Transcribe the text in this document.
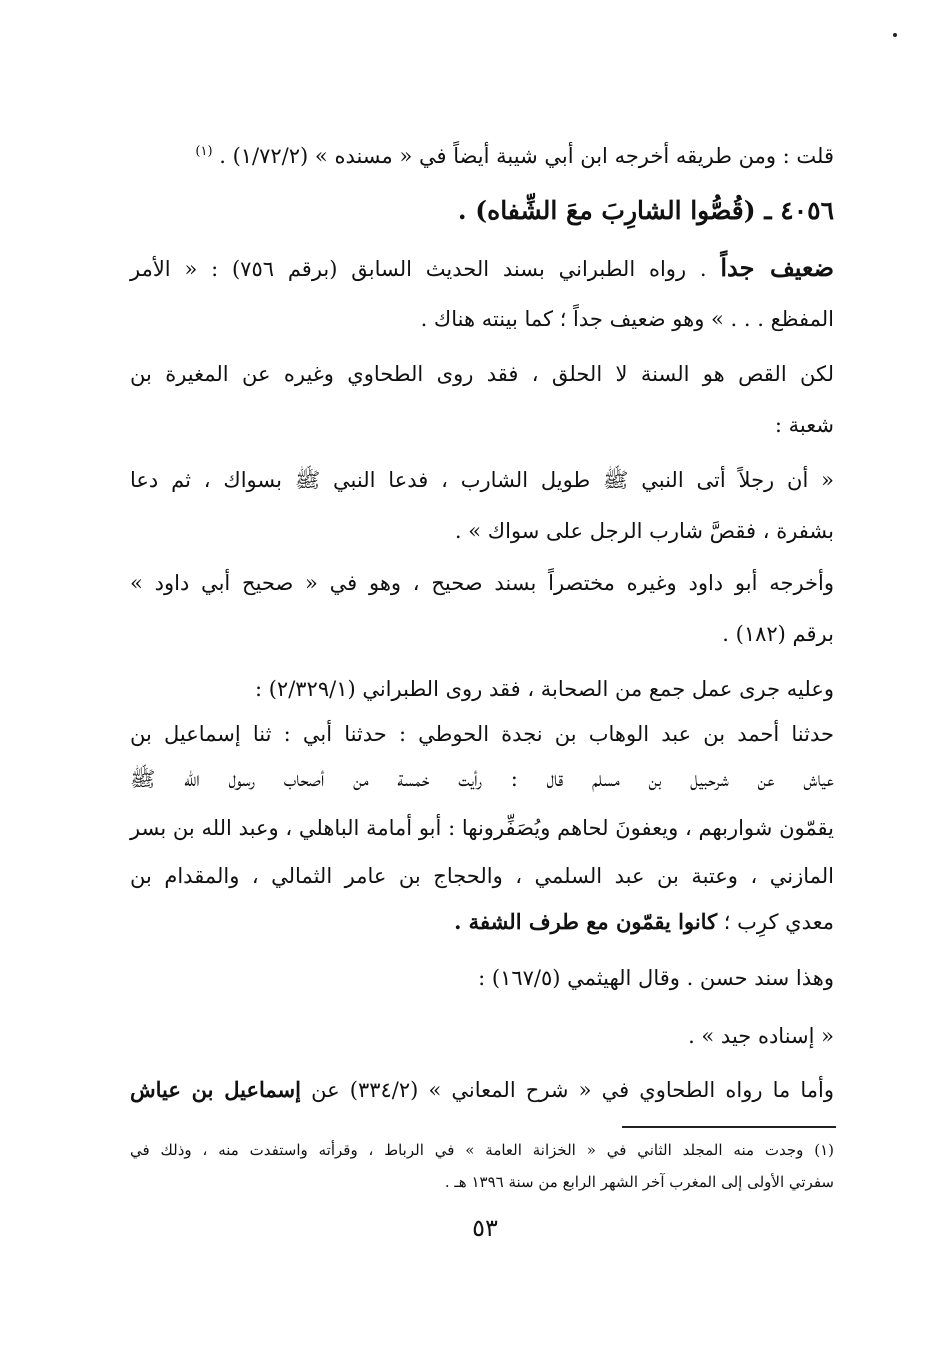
قلت : ومن طريقه أخرجه ابن أبي شيبة أيضاً في « مسنده » (١/٧٢/٢) . $^{(١)}$
٤٠٥٦ ـ (قُصُّوا الشارِبَ معَ الشِّفاه) .
ضعيف جداً . رواه الطبراني بسند الحديث السابق (برقم ٧٥٦) : « الأمر
المفظع . . . » وهو ضعيف جداً ؛ كما بينته هناك .
لكن القص هو السنة لا الحلق ، فقد روى الطحاوي وغيره عن المغيرة بن
شعبة :
« أن رجلاً أتى النبي ﷺ طويل الشارب ، فدعا النبي ﷺ بسواك ، ثم دعا
بشفرة ، فقصَّ شارب الرجل على سواك » .
وأخرجه أبو داود وغيره مختصراً بسند صحيح ، وهو في « صحيح أبي داود »
برقم (١٨٢) .
وعليه جرى عمل جمع من الصحابة ، فقد روى الطبراني (٢/٣٢٩/١) :
حدثنا أحمد بن عبد الوهاب بن نجدة الحوطي : حدثنا أبي : ثنا إسماعيل بن
عياش عن شرحبيل بن مسلم قال : رأيت خمسة من أصحاب رسول الله ﷺ
يقمّون شواربهم ، ويعفونَ لحاهم ويُصَفِّرونها : أبو أمامة الباهلي ، وعبد الله بن بسر
المازني ، وعتبة بن عبد السلمي ، والحجاج بن عامر الثمالي ، والمقدام بن
معدي كرِب ؛ كانوا يقمّون مع طرف الشفة .
وهذا سند حسن . وقال الهيثمي (١٦٧/٥) :
« إسناده جيد » .
وأما ما رواه الطحاوي في « شرح المعاني » (٣٣٤/٢) عن إسماعيل بن عياش
(١) وجدت منه المجلد الثاني في « الخزانة العامة » في الرباط ، وقرأته واستفدت منه ، وذلك في
سفرتي الأولى إلى المغرب آخر الشهر الرابع من سنة ١٣٩٦ هـ .
٥٣
